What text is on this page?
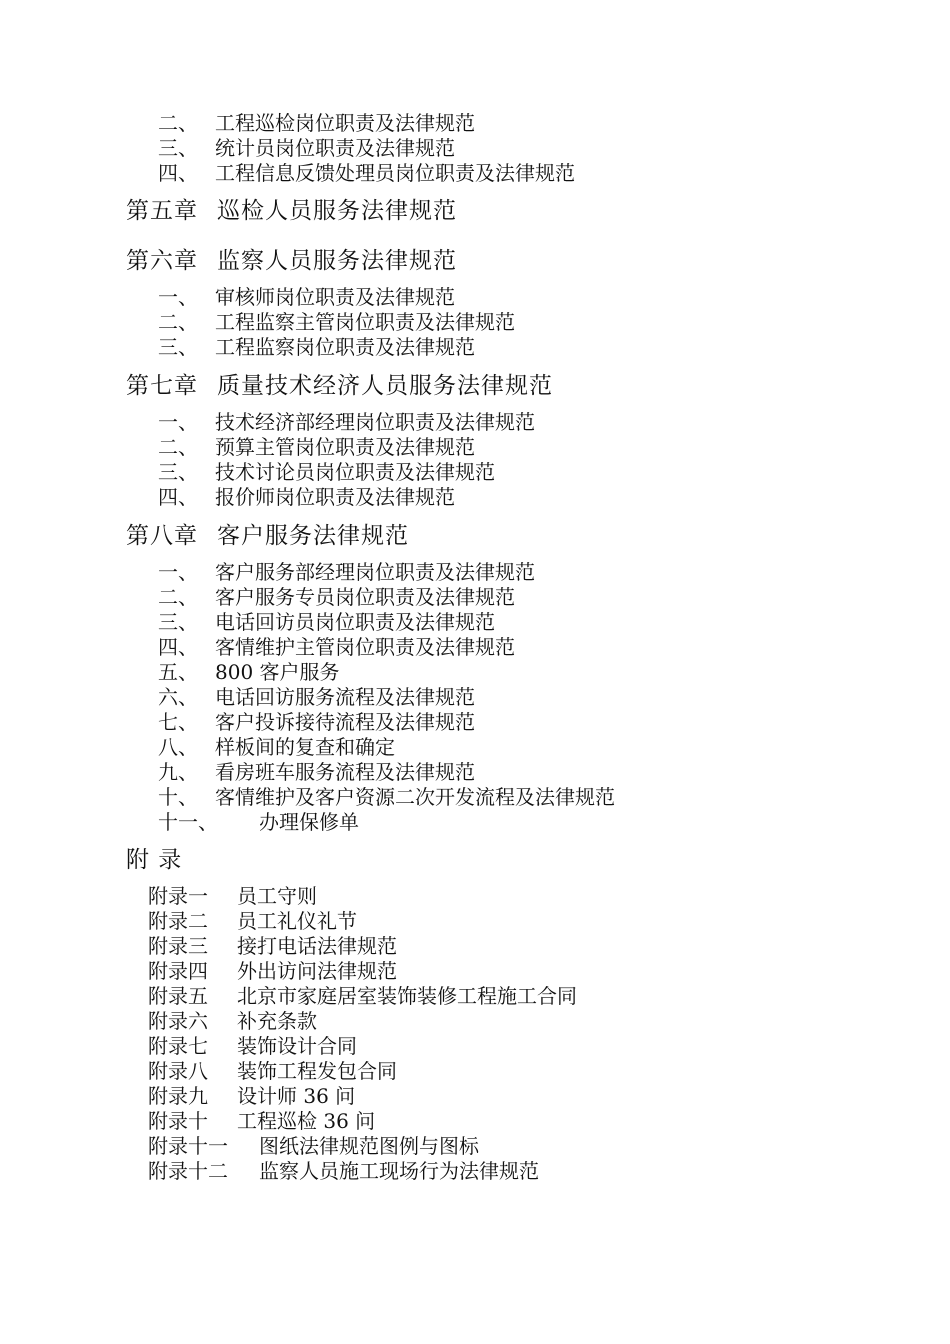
二、 工程巡检岗位职责及法律规范
三、 统计员岗位职责及法律规范
四、 工程信息反馈处理员岗位职责及法律规范
第五章 巡检人员服务法律规范
第六章 监察人员服务法律规范
一、 审核师岗位职责及法律规范
二、 工程监察主管岗位职责及法律规范
三、 工程监察岗位职责及法律规范
第七章 质量技术经济人员服务法律规范
一、 技术经济部经理岗位职责及法律规范
二、 预算主管岗位职责及法律规范
三、 技术讨论员岗位职责及法律规范
四、 报价师岗位职责及法律规范
第八章 客户服务法律规范
一、 客户服务部经理岗位职责及法律规范
二、 客户服务专员岗位职责及法律规范
三、 电话回访员岗位职责及法律规范
四、 客情维护主管岗位职责及法律规范
五、 800 客户服务
六、 电话回访服务流程及法律规范
七、 客户投诉接待流程及法律规范
八、 样板间的复查和确定
九、 看房班车服务流程及法律规范
十、 客情维护及客户资源二次开发流程及法律规范
十一、 办理保修单
附 录
附录一 员工守则
附录二 员工礼仪礼节
附录三 接打电话法律规范
附录四 外出访问法律规范
附录五 北京市家庭居室装饰装修工程施工合同
附录六 补充条款
附录七 装饰设计合同
附录八 装饰工程发包合同
附录九 设计师 36 问
附录十 工程巡检 36 问
附录十一 图纸法律规范图例与图标
附录十二 监察人员施工现场行为法律规范
